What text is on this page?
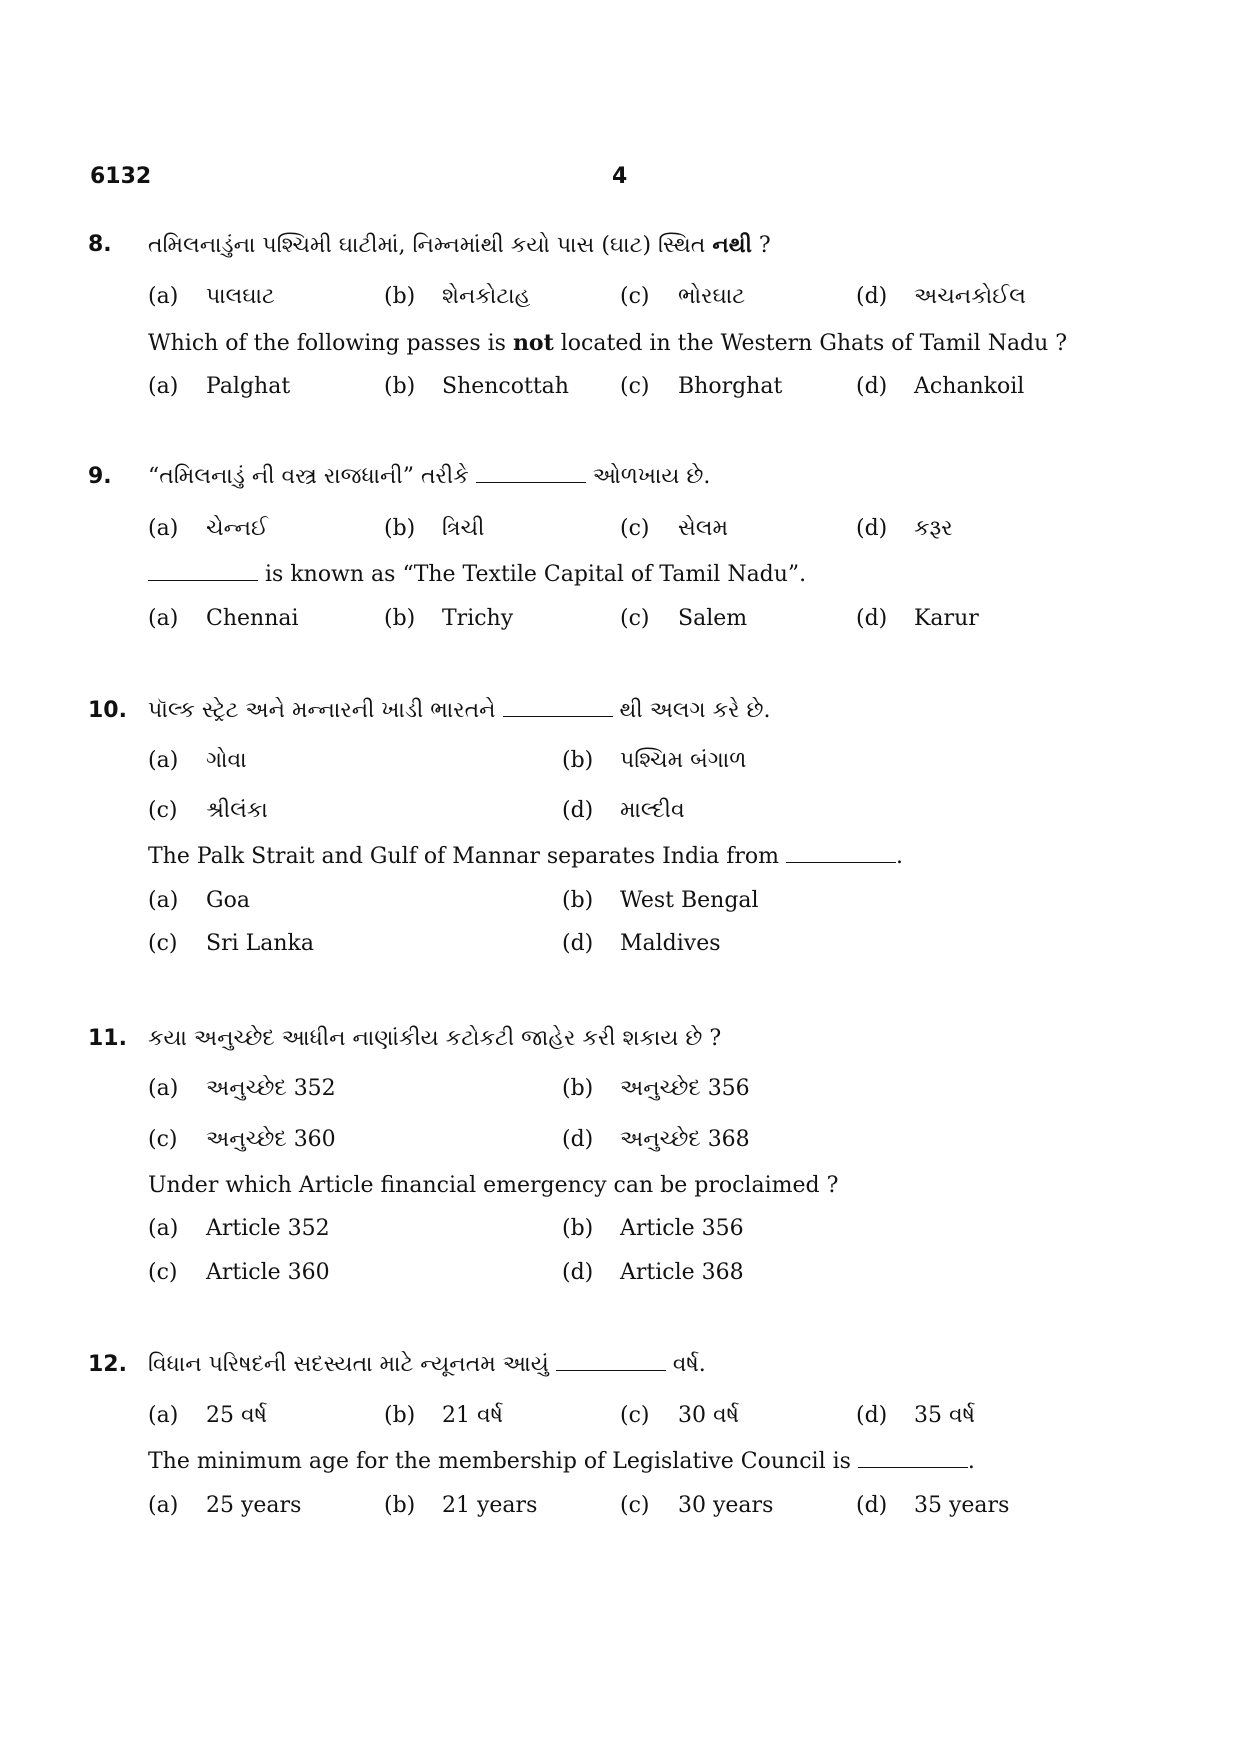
6132	4
8. તમિલનાડુંના પશ્ચિમી ઘાટીમાં, નિમ્નમાંથી કયો પાસ (ઘાટ) સ્થિત નથી ?
(a) પાલઘાટ	(b) શેનકોટાહ	(c) ભોરઘાટ	(d) અચનકોઈલ
Which of the following passes is not located in the Western Ghats of Tamil Nadu ?
(a) Palghat	(b) Shencottah (c) Bhorghat	(d) Achankoil
9. “તમિલનાડું ની વસ્ત્ર રાજધાની” તરીકે	ઓળખાય છે.
(a) ચેન્નઈ	(b) ત્રિચી	(c) સેલમ	(d) કરૂર
is known as “The Textile Capital of Tamil Nadu”.
(a) Chennai	(b) Trichy	(c) Salem	(d) Karur
10. પૉલ્ક સ્ટ્રેટ અને મન્નારની ખાડી ભારતને	થી અલગ કરે છે.
(a) ગોવા	(b) પશ્ચિમ બંગાળ
(c) શ્રીલંકા	(d) માલ્દીવ
The Palk Strait and Gulf of Mannar separates India from	.
(a) Goa	(b) West Bengal
(c) Sri Lanka	(d) Maldives
11. કયા અનુચ્છેદ આધીન નાણાંકીય કટોકટી જાહેર કરી શકાય છે ?
(a) અનુચ્છેદ 352	(b) અનુચ્છેદ 356
(c) અનુચ્છેદ 360	(d) અનુચ્છેદ 368
Under which Article financial emergency can be proclaimed ?
(a) Article 352	(b) Article 356
(c) Article 360	(d) Article 368
12. વિધાન પરિષદની સદસ્યતા માટે ન્યૂનતમ આયું	વર્ષ.
(a) 25 વર્ષ	(b) 21 વર્ષ	(c) 30 વર્ષ	(d) 35 વર્ષ
The minimum age for the membership of Legislative Council is	.
(a) 25 years	(b) 21 years	(c) 30 years	(d) 35 years
